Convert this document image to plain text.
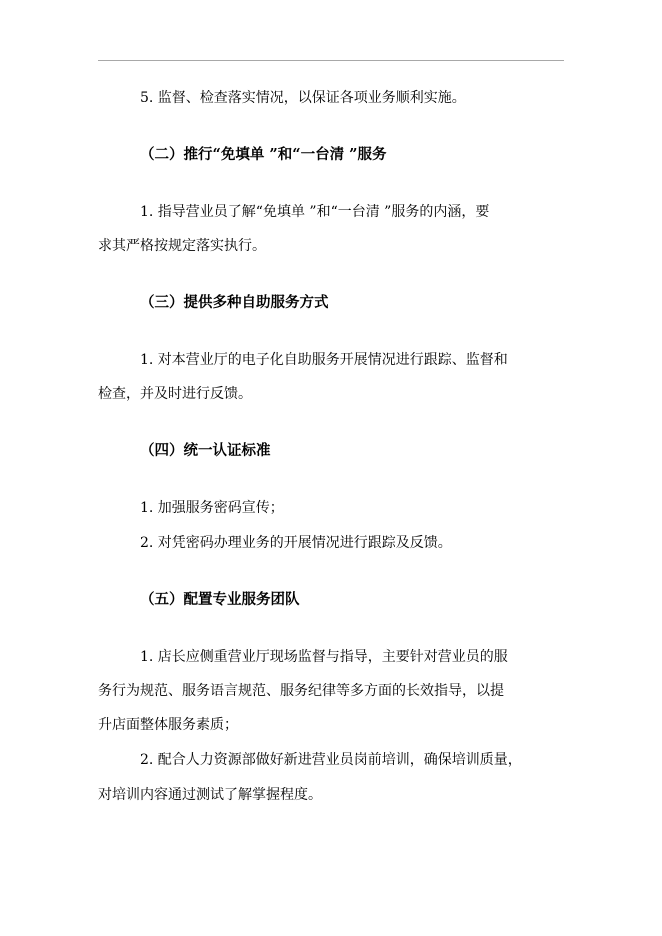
5. 监督、检查落实情况，以保证各项业务顺利实施。
（二）推行“免填单 ”和“一台清 ”服务
1. 指导营业员了解“免填单 ”和“一台清 ”服务的内涵，要
求其严格按规定落实执行。
（三）提供多种自助服务方式
1. 对本营业厅的电子化自助服务开展情况进行跟踪、监督和
检查，并及时进行反馈。
（四）统一认证标准
1. 加强服务密码宣传；
2. 对凭密码办理业务的开展情况进行跟踪及反馈。
（五）配置专业服务团队
1. 店长应侧重营业厅现场监督与指导，主要针对营业员的服
务行为规范、服务语言规范、服务纪律等多方面的长效指导，以提
升店面整体服务素质；
2. 配合人力资源部做好新进营业员岗前培训，确保培训质量，
对培训内容通过测试了解掌握程度。
